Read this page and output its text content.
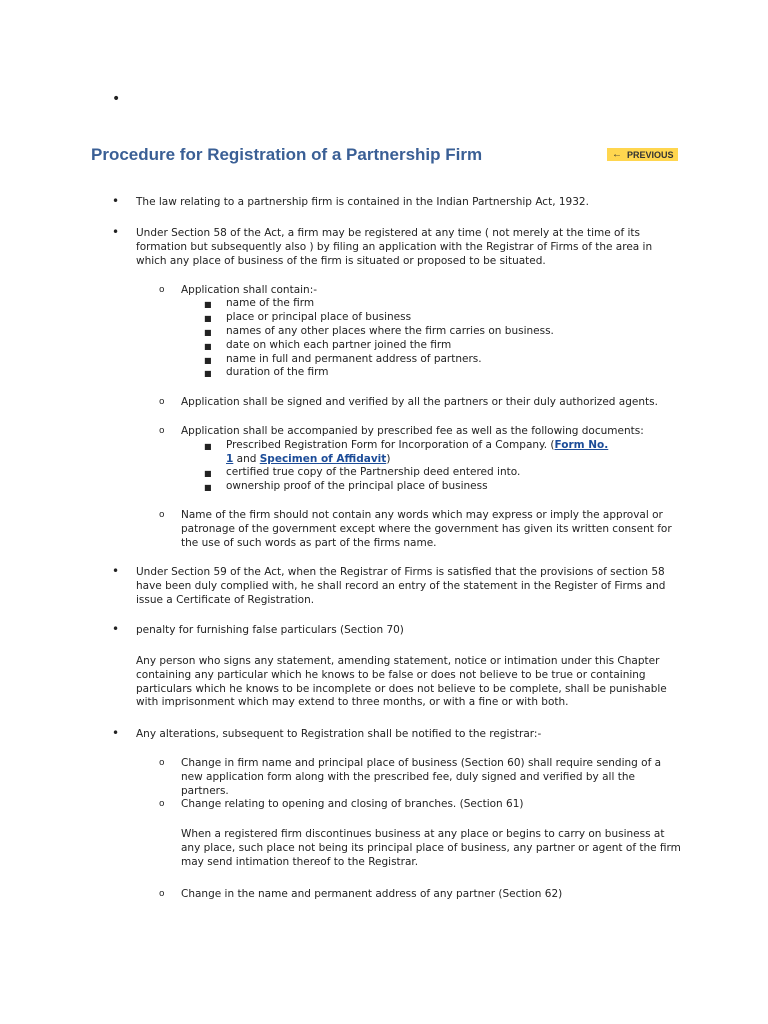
•
Procedure for Registration of a Partnership Firm	← PREVIOUS
• The law relating to a partnership firm is contained in the Indian Partnership Act, 1932.
• Under Section 58 of the Act, a firm may be registered at any time ( not merely at the time of its formation but subsequently also ) by filing an application with the Registrar of Firms of the area in which any place of business of the firm is situated or proposed to be situated.
o Application shall contain:-
■ name of the firm
■ place or principal place of business
■ names of any other places where the firm carries on business.
■ date on which each partner joined the firm
■ name in full and permanent address of partners.
■ duration of the firm
o Application shall be signed and verified by all the partners or their duly authorized agents.
o Application shall be accompanied by prescribed fee as well as the following documents:
■ Prescribed Registration Form for Incorporation of a Company. (Form No.
1 and Specimen of Affidavit)
■ certified true copy of the Partnership deed entered into.
■ ownership proof of the principal place of business
o Name of the firm should not contain any words which may express or imply the approval or patronage of the government except where the government has given its written consent for the use of such words as part of the firms name.
• Under Section 59 of the Act, when the Registrar of Firms is satisfied that the provisions of section 58 have been duly complied with, he shall record an entry of the statement in the Register of Firms and issue a Certificate of Registration.
• penalty for furnishing false particulars (Section 70)
Any person who signs any statement, amending statement, notice or intimation under this Chapter containing any particular which he knows to be false or does not believe to be true or containing particulars which he knows to be incomplete or does not believe to be complete, shall be punishable with imprisonment which may extend to three months, or with a fine or with both.
• Any alterations, subsequent to Registration shall be notified to the registrar:-
o Change in firm name and principal place of business (Section 60) shall require sending of a new application form along with the prescribed fee, duly signed and verified by all the partners.
o Change relating to opening and closing of branches. (Section 61)
When a registered firm discontinues business at any place or begins to carry on business at any place, such place not being its principal place of business, any partner or agent of the firm may send intimation thereof to the Registrar.
o Change in the name and permanent address of any partner (Section 62)
